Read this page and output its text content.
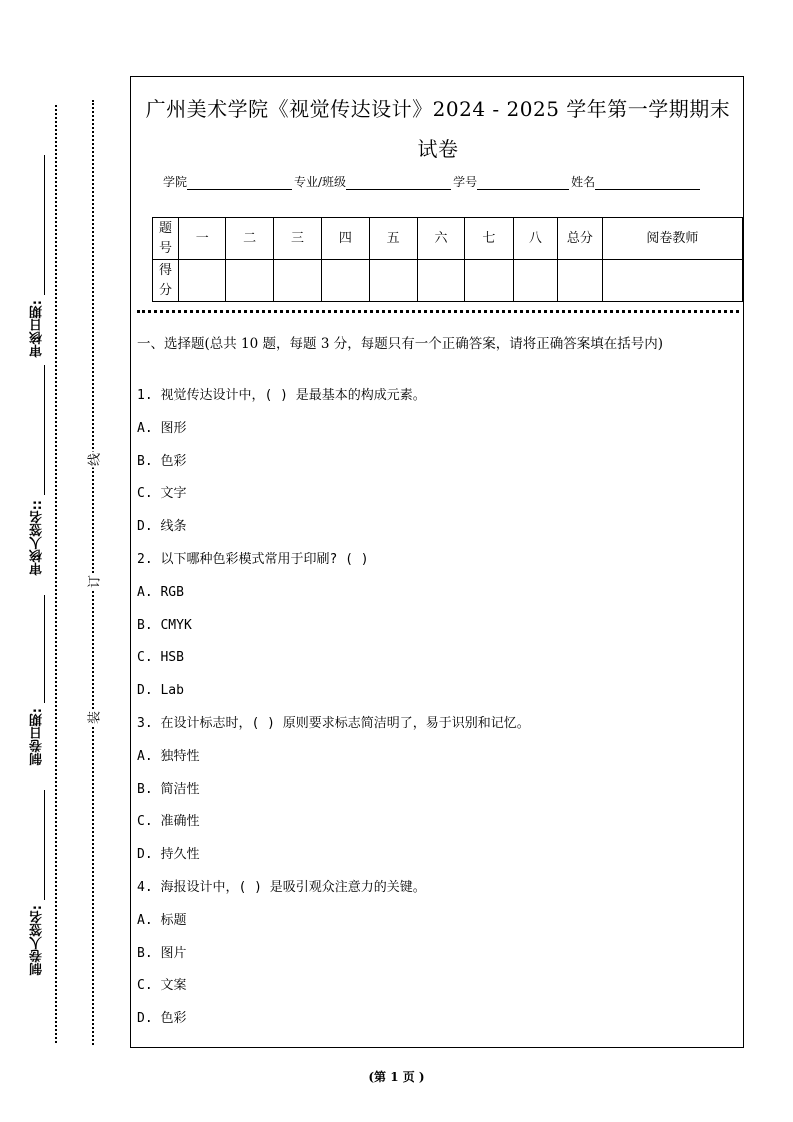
审核日期:
审核人签名::
制卷日期:
制卷人签名:
线
订
装
广州美术学院《视觉传达设计》2024 - 2025 学年第一学期期末试卷
学院	专业/班级	学号	姓名
题号	一	二	三	四	五	六	七	八	总分	阅卷教师
得分										
一、选择题(总共 10 题，每题 3 分，每题只有一个正确答案，请将正确答案填在括号内)
1. 视觉传达设计中，( ) 是最基本的构成元素。
A. 图形
B. 色彩
C. 文字
D. 线条
2. 以下哪种色彩模式常用于印刷? ( )
A. RGB
B. CMYK
C. HSB
D. Lab
3. 在设计标志时，( ) 原则要求标志简洁明了，易于识别和记忆。
A. 独特性
B. 简洁性
C. 准确性
D. 持久性
4. 海报设计中，( ) 是吸引观众注意力的关键。
A. 标题
B. 图片
C. 文案
D. 色彩
(第 1 页 )
